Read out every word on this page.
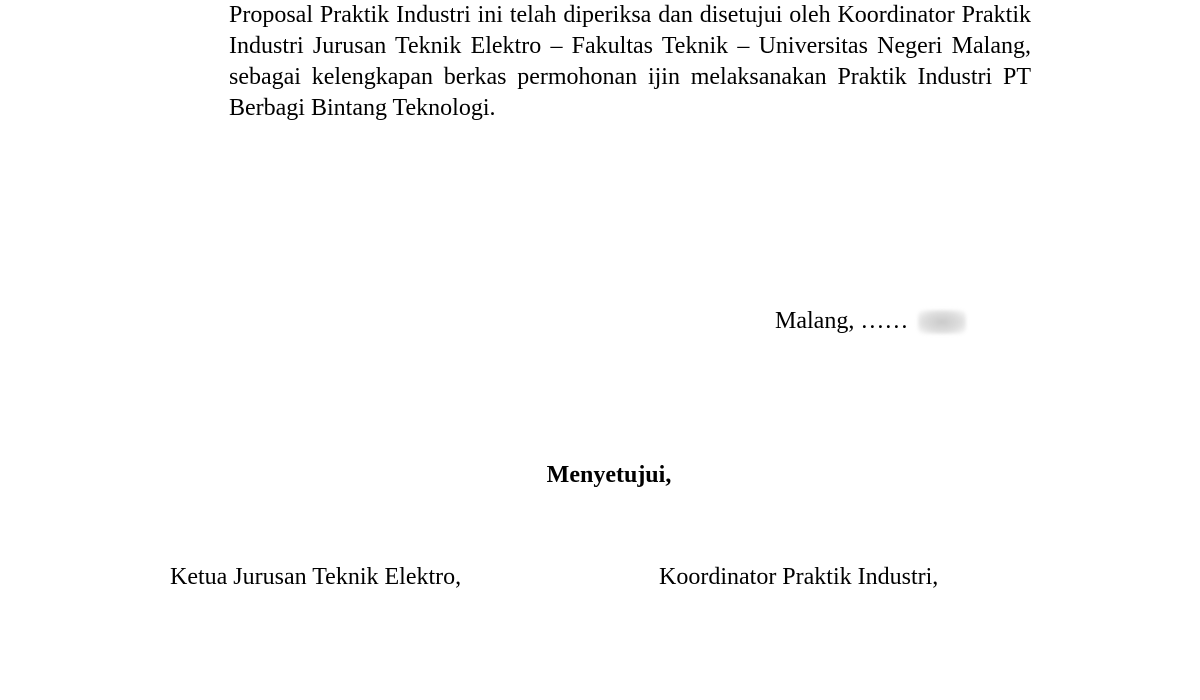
Proposal Praktik Industri ini telah diperiksa dan disetujui oleh Koordinator Praktik Industri Jurusan Teknik Elektro – Fakultas Teknik – Universitas Negeri Malang, sebagai kelengkapan berkas permohonan ijin melaksanakan Praktik Industri PT Berbagi Bintang Teknologi.

Malang, ……
Menyetujui,
Ketua Jurusan Teknik Elektro,	Koordinator Praktik Industri,
